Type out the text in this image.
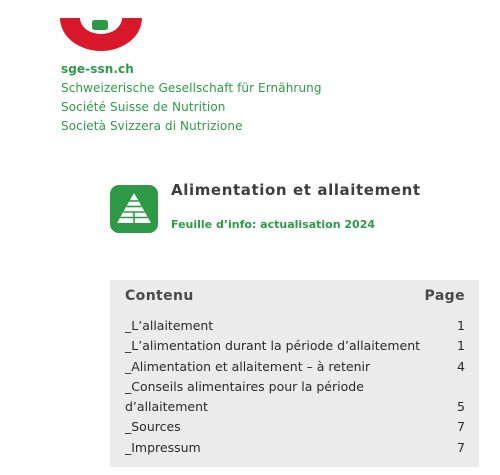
sge-ssn.ch
Schweizerische Gesellschaft für Ernährung
Société Suisse de Nutrition
Società Svizzera di Nutrizione
Alimentation et allaitement
Feuille d’info: actualisation 2024
Contenu	Page
_L’allaitement	1
_L’alimentation durant la période d’allaitement	1
_Alimentation et allaitement – à retenir	4
_Conseils alimentaires pour la période d’allaitement	5
_Sources	7
_Impressum	7
